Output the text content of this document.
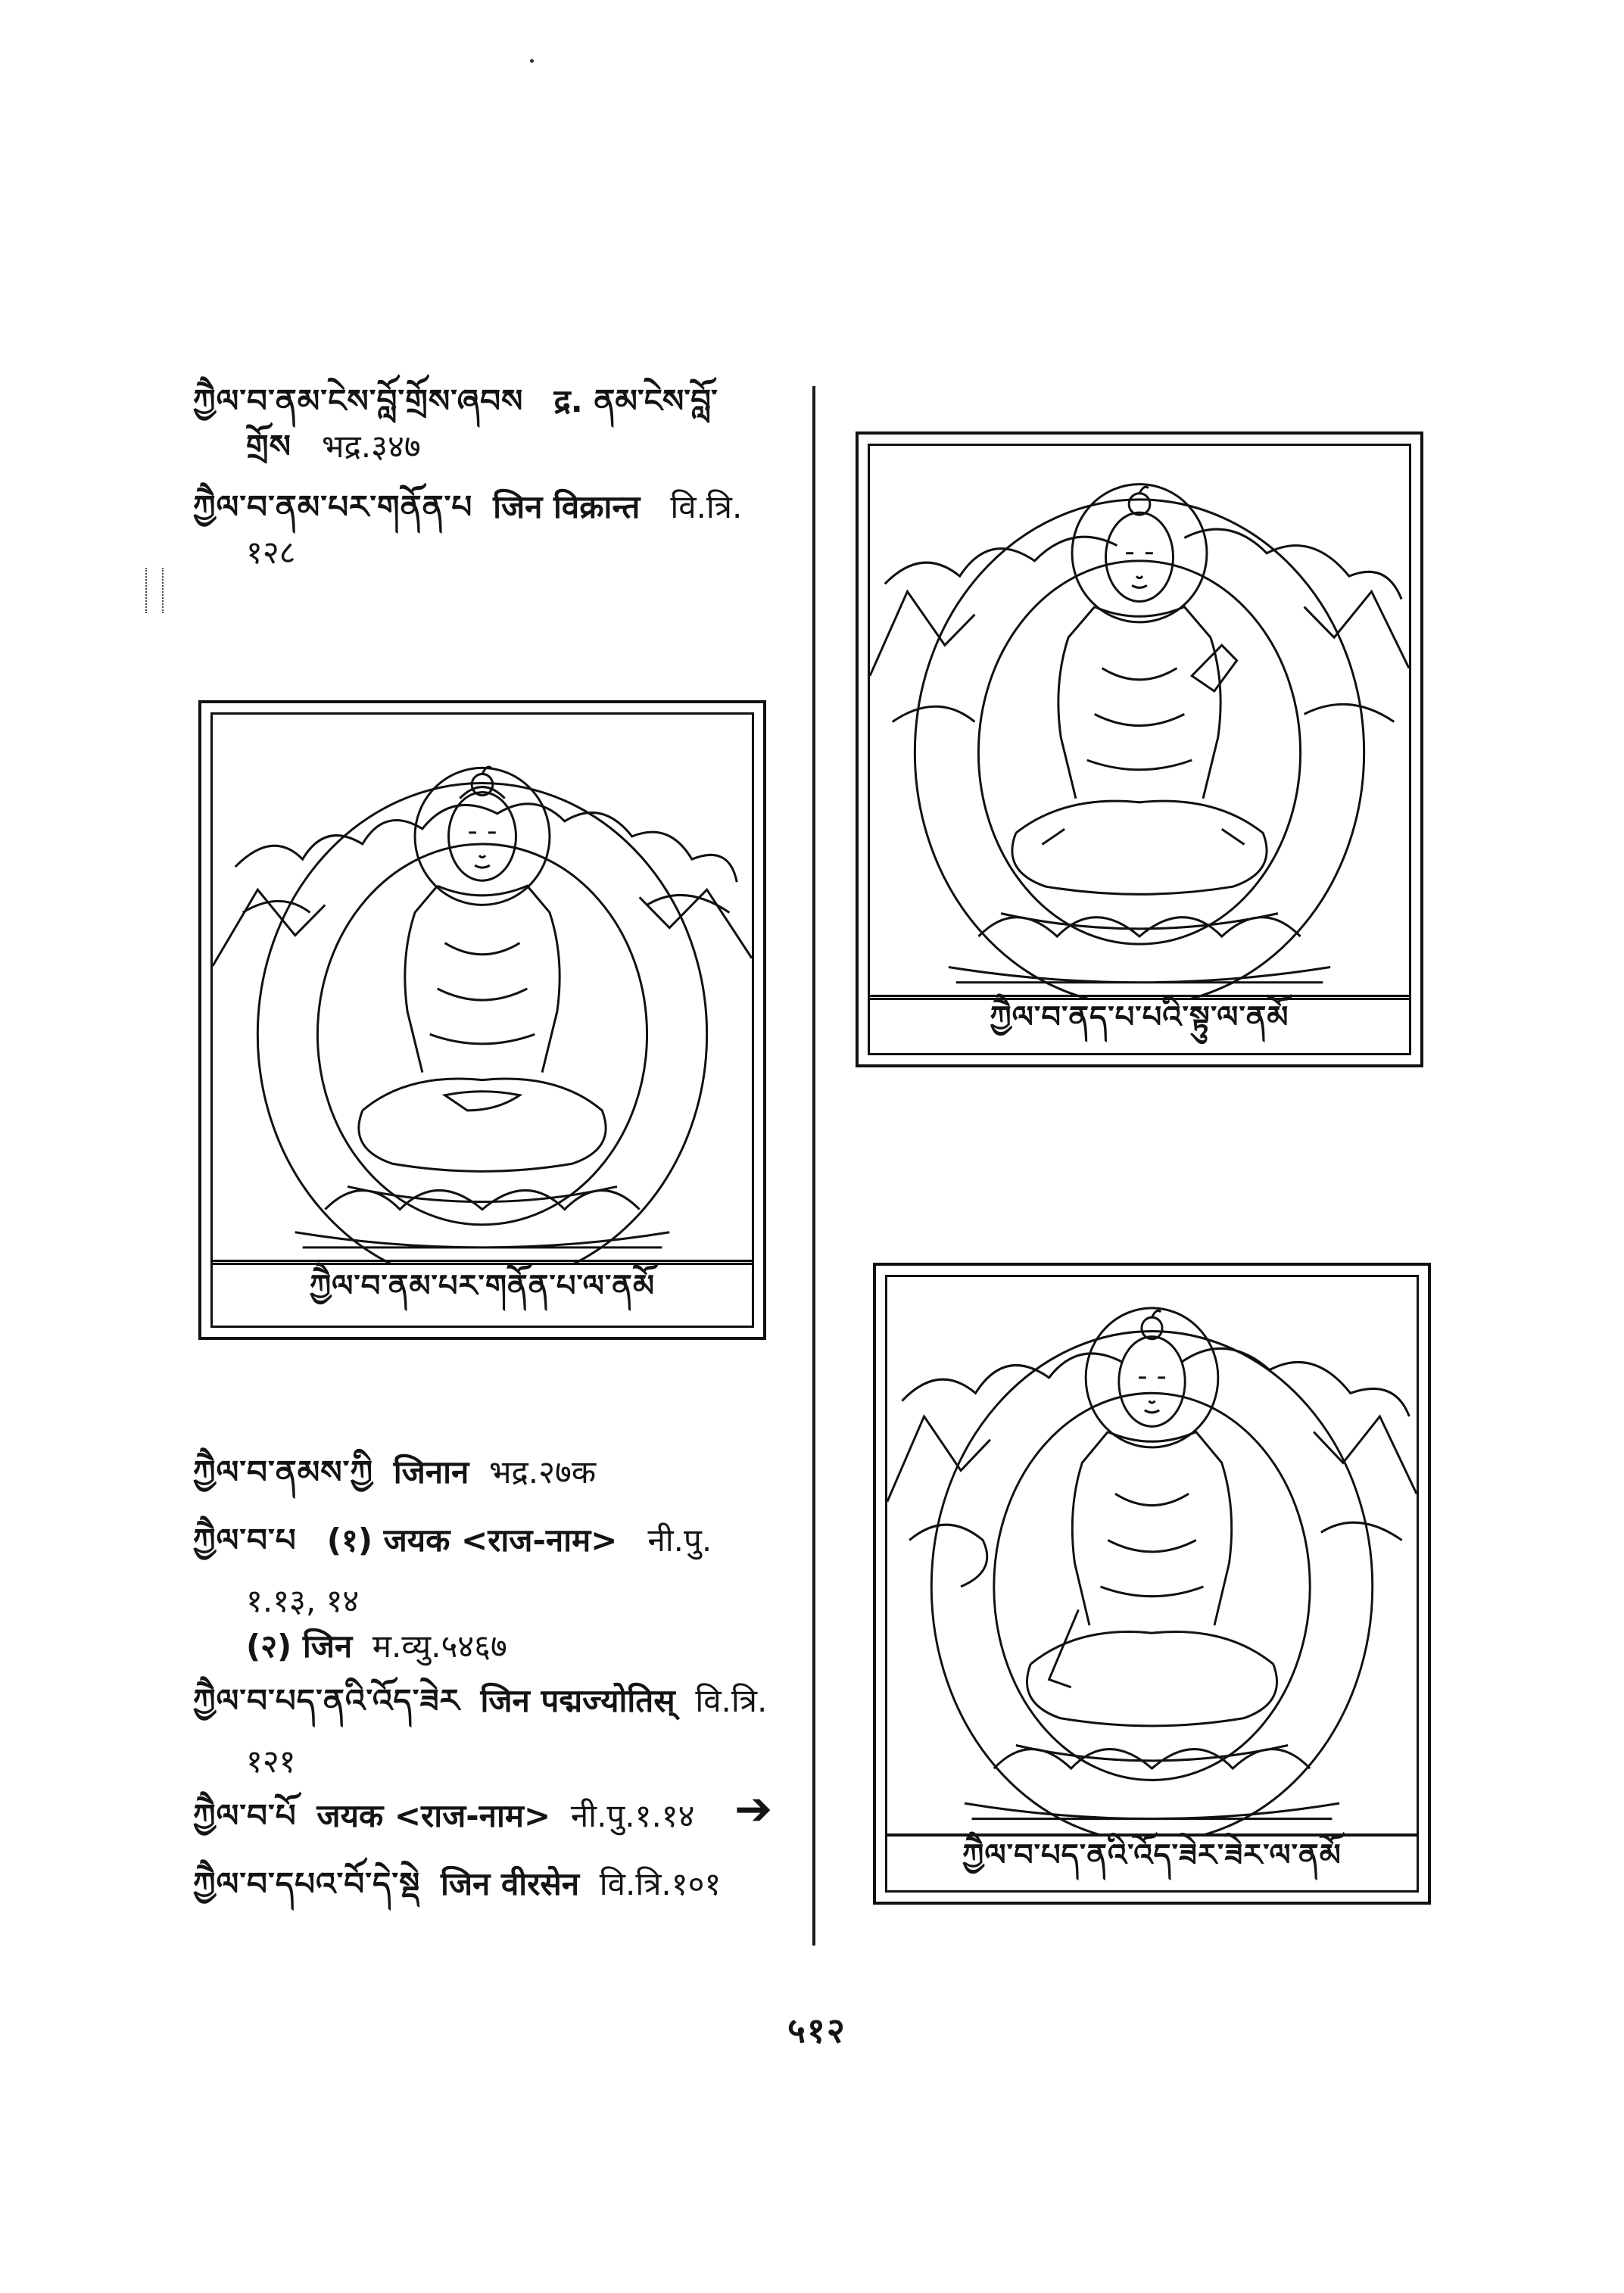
ཀྱཻལ་བ་ནམ་ངེས་བློ་གྲོས་ཞབས द्र. ནམ་ངེས་བློ་

གྲོས भद्र.३४७

ཀྱཻལ་བ་ནམ་པར་གནོན་པ जिन विक्रान्त वि.त्रि.

१२८

ཀྱཻལ་བ་ནམ་པར་གནོན་པ་ལ་ནམོ

ཀྱཻལ་བ་ནམས་ཀྱི जिनान भद्र.२७क

ཀྱཻལ་བ་པ (१) जयक <राज-नाम> नी.पु.

१.१३, १४

(२) जिन म.व्यु.५४६७

ཀྱཻལ་བ་པད་ནའི་འོད་ཟེར जिन पद्मज्योतिस् वि.त्रि.

१२१

ཀྱཻལ་བ་པོ जयक <राज-नाम> नी.पु.१.१४

ཀྱཻལ་བ་དཔའ་བོ་དེ་སྡེ जिन वीरसेन वि.त्रि.१०१

➔
ཀྱཻལ་བ་ནད་པ་པའི་སྟུ་ལ་ནམོ
ཀྱཻལ་བ་པད་ནའི་འོད་ཟེར་ཟེར་ལ་ནམོ
५१२
